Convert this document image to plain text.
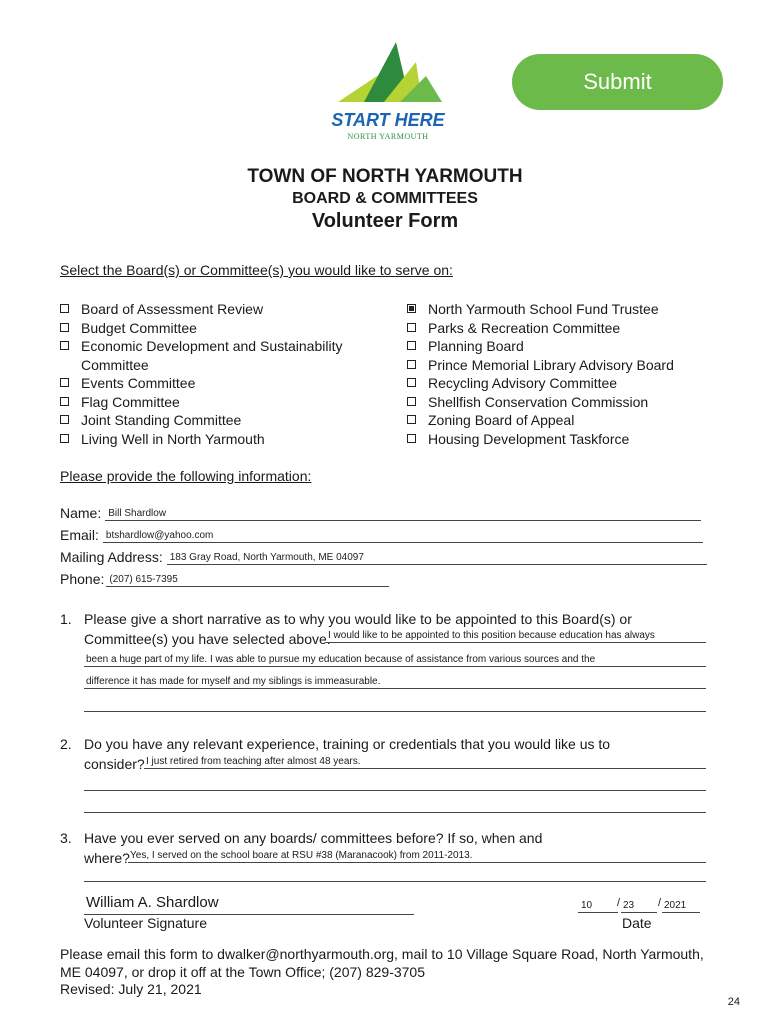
START HERE
NORTH YARMOUTH
Submit
TOWN OF NORTH YARMOUTH
BOARD & COMMITTEES
Volunteer Form
Select the Board(s) or Committee(s) you would like to serve on:
Board of Assessment Review
Budget Committee
Economic Development and Sustainability Committee
Events Committee
Flag Committee
Joint Standing Committee
Living Well in North Yarmouth
North Yarmouth School Fund Trustee
Parks & Recreation Committee
Planning Board
Prince Memorial Library Advisory Board
Recycling Advisory Committee
Shellfish Conservation Commission
Zoning Board of Appeal
Housing Development Taskforce
Please provide the following information:
Name: Bill Shardlow
Email: btshardlow@yahoo.com
Mailing Address: 183 Gray Road, North Yarmouth, ME 04097
Phone: (207) 615-7395
1. Please give a short narrative as to why you would like to be appointed to this Board(s) or
Committee(s) you have selected above.
I would like to be appointed to this position because education has always
been a huge part of my life. I was able to pursue my education because of assistance from various sources and the
difference it has made for myself and my siblings is immeasurable.
2. Do you have any relevant experience, training or credentials that you would like us to
consider? I just retired from teaching after almost 48 years.
3. Have you ever served on any boards/ committees before? If so, when and
where? Yes, I served on the school boare at RSU #38 (Maranacook) from 2011-2013.
William A. Shardlow
Volunteer Signature
10 / 23 / 2021
Date
Please email this form to dwalker@northyarmouth.org, mail to 10 Village Square Road, North Yarmouth,
ME 04097, or drop it off at the Town Office; (207) 829-3705
Revised: July 21, 2021
24
